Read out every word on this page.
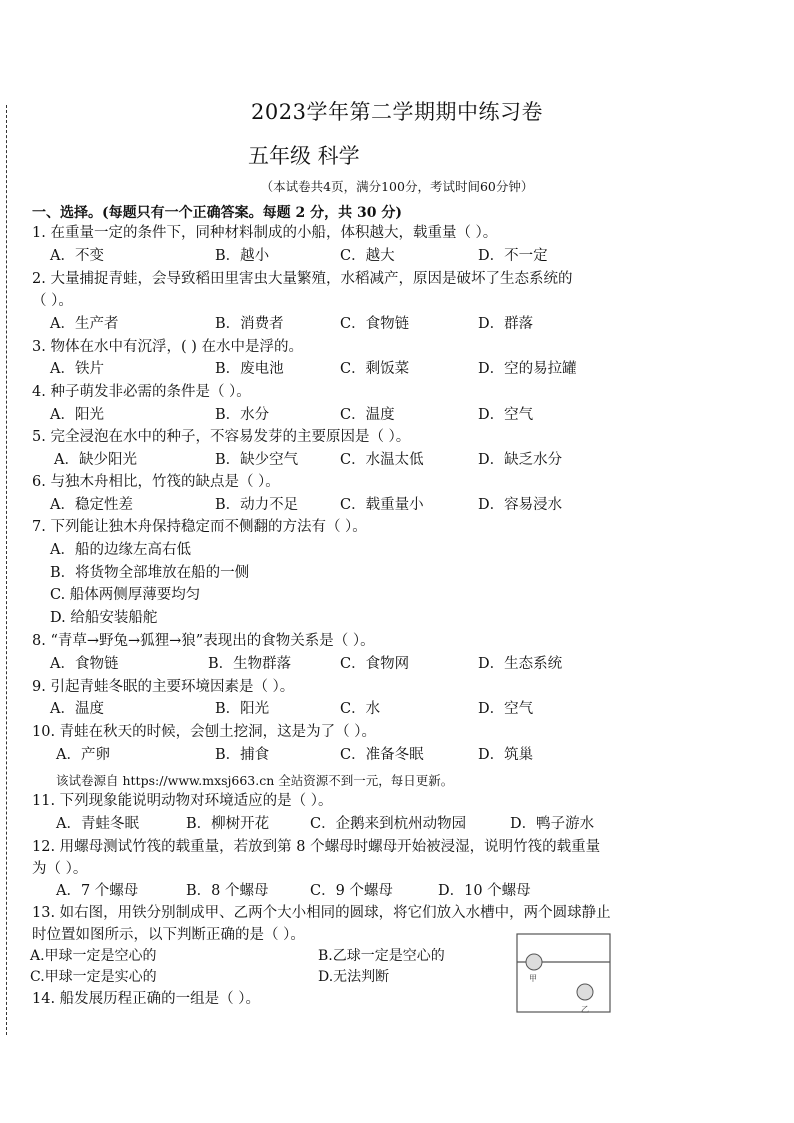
2023学年第二学期期中练习卷
五年级 科学
（本试卷共4页，满分100分，考试时间60分钟）
一、选择。(每题只有一个正确答案。每题 2 分，共 30 分)
1. 在重量一定的条件下，同种材料制成的小船，体积越大，载重量（ ）。
A．不变	B．越小	C．越大	D．不一定
2. 大量捕捉青蛙，会导致稻田里害虫大量繁殖，水稻减产，原因是破坏了生态系统的
（ ）。
A．生产者	B．消费者	C．食物链	D．群落
3. 物体在水中有沉浮，( ) 在水中是浮的。
A．铁片	B．废电池	C．剩饭菜	D．空的易拉罐
4. 种子萌发非必需的条件是（ ）。
A．阳光	B．水分	C．温度	D．空气
5. 完全浸泡在水中的种子，不容易发芽的主要原因是（ ）。
A．缺少阳光	B．缺少空气	C．水温太低	D．缺乏水分
6. 与独木舟相比，竹筏的缺点是（ ）。
A．稳定性差	B．动力不足	C．载重量小	D．容易浸水
7. 下列能让独木舟保持稳定而不侧翻的方法有（ ）。
A．船的边缘左高右低
B．将货物全部堆放在船的一侧
C. 船体两侧厚薄要均匀
D. 给船安装船舵
8. “青草→野兔→狐狸→狼”表现出的食物关系是（ ）。
A．食物链	B．生物群落	C．食物网	D．生态系统
9. 引起青蛙冬眠的主要环境因素是（ ）。
A．温度	B．阳光	C．水	D．空气
10. 青蛙在秋天的时候，会刨土挖洞，这是为了（ ）。
A．产卵	B．捕食	C．准备冬眠	D．筑巢
该试卷源自 https://www.mxsj663.cn 全站资源不到一元，每日更新。
11. 下列现象能说明动物对环境适应的是（ ）。
A．青蛙冬眠	B．柳树开花	C．企鹅来到杭州动物园	D．鸭子游水
12. 用螺母测试竹筏的载重量，若放到第 8 个螺母时螺母开始被浸湿，说明竹筏的载重量
为（ ）。
A．7 个螺母	B．8 个螺母	C．9 个螺母	D．10 个螺母
13. 如右图，用铁分别制成甲、乙两个大小相同的圆球，将它们放入水槽中，两个圆球静止
时位置如图所示，以下判断正确的是（ ）。
A.甲球一定是空心的	B.乙球一定是空心的
C.甲球一定是实心的	D.无法判断	甲
乙
14. 船发展历程正确的一组是（ ）。
